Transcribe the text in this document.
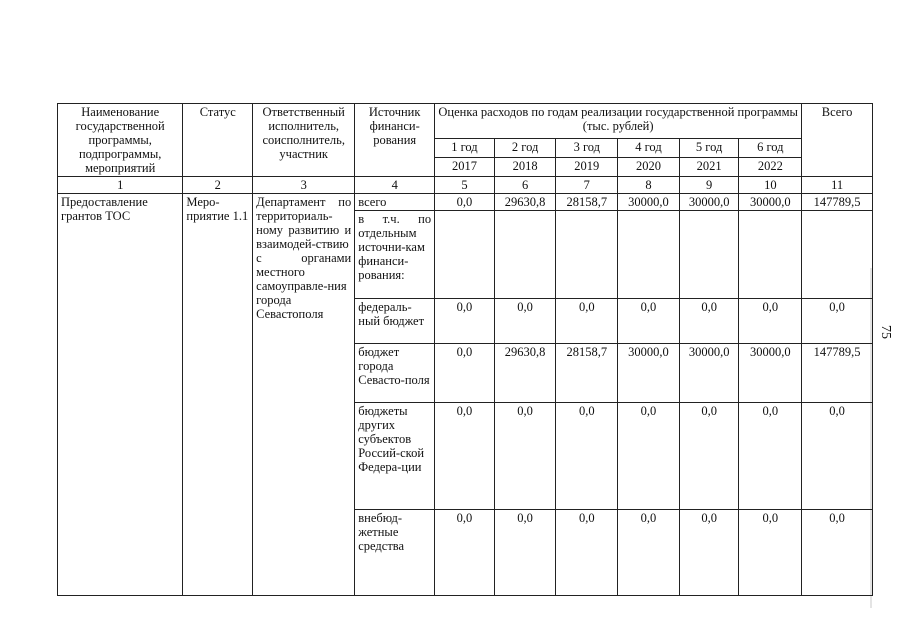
Наименование государственной программы, подпрограммы, мероприятий	Статус	Ответственный исполнитель, соисполнитель, участник	Источник финанси-рования	Оценка расходов по годам реализации государственной программы (тыс. рублей)						Всего
				1 год	2 год	3 год	4 год	5 год	6 год	
				2017	2018	2019	2020	2021	2022	
1	2	3	4	5	6	7	8	9	10	11
Предоставление грантов ТОС	Меро-приятие 1.1	Департамент по территориаль-ному развитию и взаимодей-ствию с органами местного самоуправле-ния города Севастополя	всего	0,0	29630,8	28158,7	30000,0	30000,0	30000,0	147789,5
			в т.ч. по отдельным источни-кам финанси-рования:							
			федераль-ный бюджет	0,0	0,0	0,0	0,0	0,0	0,0	0,0
			бюджет города Севасто-поля	0,0	29630,8	28158,7	30000,0	30000,0	30000,0	147789,5
			бюджеты других субъектов Россий-ской Федера-ции	0,0	0,0	0,0	0,0	0,0	0,0	0,0
			внебюд-жетные средства	0,0	0,0	0,0	0,0	0,0	0,0	0,0
75
